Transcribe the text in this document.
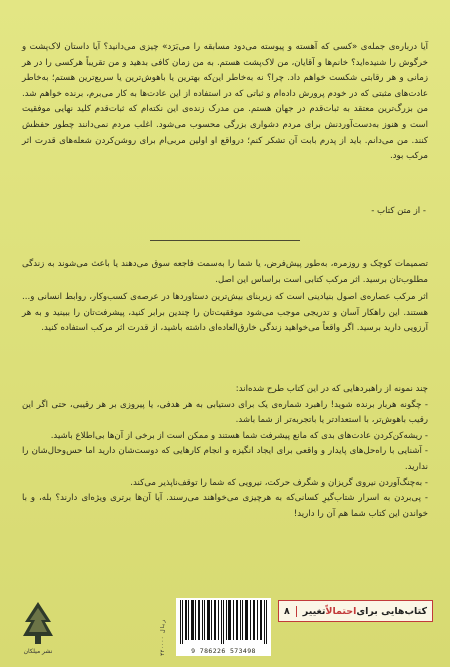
آیا درباره‌ی جمله‌ی «کسی که آهسته و پیوسته می‌دود مسابقه را می‌بَرَد» چیزی می‌دانید؟ آیا داستان لاک‌پشت و خرگوش را شنیده‌اید؟ خانم‌ها و آقایان، من لاک‌پشت هستم. به من زمان کافی بدهید و من تقریباً هرکسی را در هر زمانی و هر رقابتی شکست خواهم داد. چرا؟ نه به‌خاطر این‌که بهترین یا باهوش‌ترین یا سریع‌ترین هستم؛ به‌خاطر عادت‌های مثبتی که در خودم پرورش داده‌ام و ثباتی که در استفاده از این عادت‌ها به کار می‌برم، برنده خواهم شد. من بزرگ‌ترین معتقد به ثبات‌قدم در جهان هستم. من مدرک زنده‌ی این نکته‌ام که ثبات‌قدم کلید نهایی موفقیت است و هنوز به‌دست‌آوردنش برای مردم دشواری بزرگی محسوب می‌شود. اغلب مردم نمی‌دانند چطور حفظش کنند. من می‌دانم. باید از پدرم بابت آن تشکر کنم؛ درواقع او اولین مربی‌ام برای روشن‌کردن شعله‌های قدرت اثر مرکب بود.

- از متن کتاب -

تصمیمات کوچک و روزمره، به‌طور پیش‌فرض، یا شما را به‌سمت فاجعه سوق می‌دهند یا باعث می‌شوند به زندگی مطلوب‌تان برسید. اثر مرکب کتابی است براساس این اصل.

اثر مرکب عصاره‌ی اصول بنیادینی است که زیربنای بیش‌ترین دستاوردها در عرصه‌ی کسب‌وکار، روابط انسانی و... هستند. این راهکار آسان و تدریجی موجب می‌شود موفقیت‌تان را چندین برابر کنید، پیشرفت‌تان را ببینید و به هر آرزویی دارید برسید. اگر واقعاً می‌خواهید زندگی خارق‌العاده‌ای داشته باشید، از قدرت اثر مرکب استفاده کنید.

چند نمونه از راهبردهایی که در این کتاب طرح شده‌اند:

- چگونه هربار برنده شوید! راهبرد شماره‌ی یک برای دستیابی به هر هدفی، یا پیروزی بر هر رقیبی، حتی اگر این رقیب باهوش‌تر، با استعدادتر یا باتجربه‌تر از شما باشد.
- ریشه‌کن‌کردن عادت‌های بدی که مانع پیشرفت شما هستند و ممکن است از برخی از آن‌ها بی‌اطلاع باشید.
- آشنایی با راه‌حل‌های پایدار و واقعی برای ایجاد انگیزه و انجام کارهایی که دوست‌شان دارید اما حس‌وحال‌شان را ندارید.
- به‌چنگ‌آوردن نیروی گریزان و شگرف حرکت، نیرویی که شما را توقف‌ناپذیر می‌کند.
- پی‌بردن به اسرار شتاب‌گیرِ کسانی‌که به هرچیزی می‌خواهند می‌رسند. آیا آن‌ها برتری ویژه‌ای دارند؟ بله، و با خواندن این کتاب شما هم آن را دارید!
کتاب‌هایی برای
احتمالاً
تغییر
۸
۴۲۰۰۰۰ ریال
9 786226 573498
نشر میلکان
